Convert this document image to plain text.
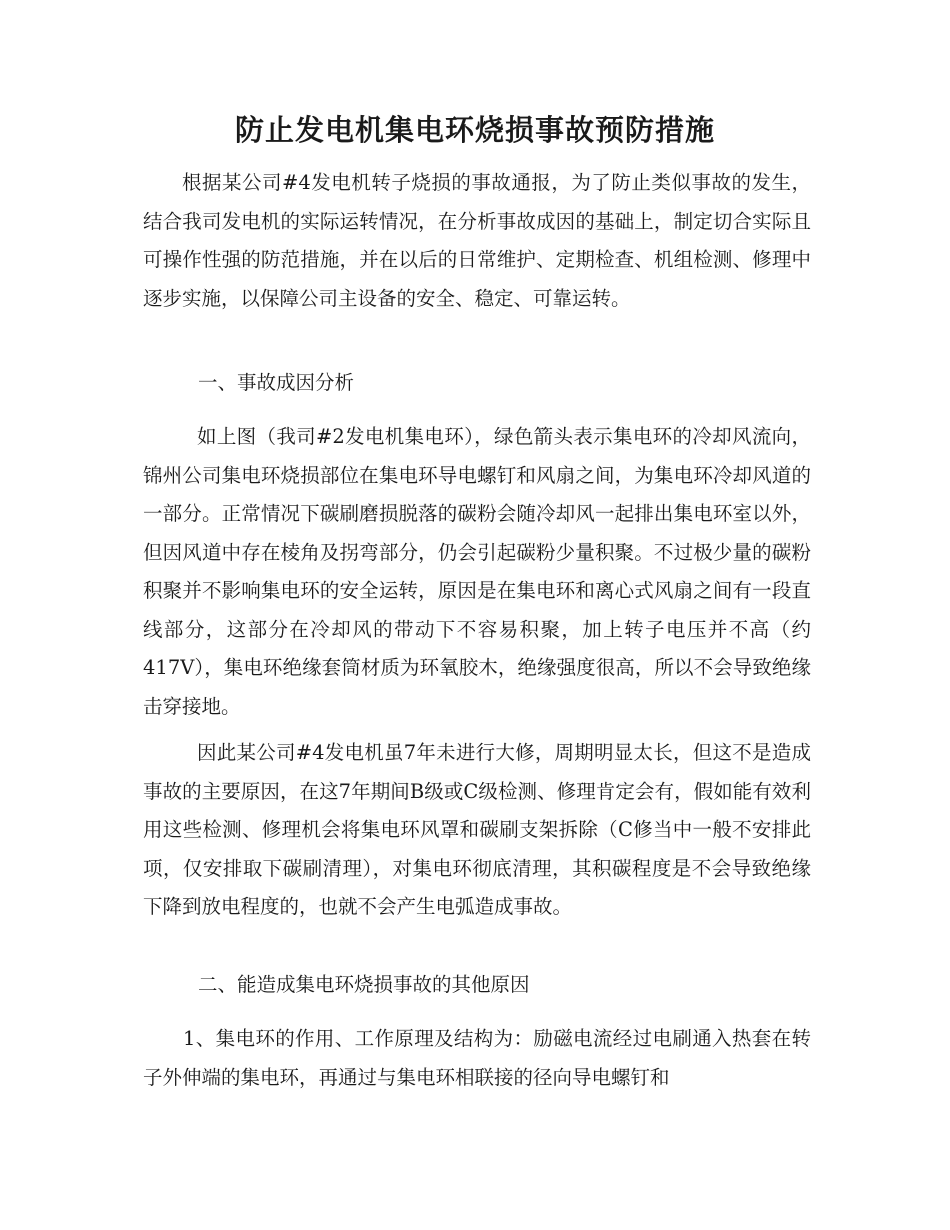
防止发电机集电环烧损事故预防措施

根据某公司#4发电机转子烧损的事故通报，为了防止类似事故的发生，结合我司发电机的实际运转情况，在分析事故成因的基础上，制定切合实际且可操作性强的防范措施，并在以后的日常维护、定期检查、机组检测、修理中逐步实施，以保障公司主设备的安全、稳定、可靠运转。

一、事故成因分析

如上图（我司#2发电机集电环），绿色箭头表示集电环的冷却风流向，锦州公司集电环烧损部位在集电环导电螺钉和风扇之间，为集电环冷却风道的一部分。正常情况下碳刷磨损脱落的碳粉会随冷却风一起排出集电环室以外，但因风道中存在棱角及拐弯部分，仍会引起碳粉少量积聚。不过极少量的碳粉积聚并不影响集电环的安全运转，原因是在集电环和离心式风扇之间有一段直线部分，这部分在冷却风的带动下不容易积聚，加上转子电压并不高（约417V），集电环绝缘套筒材质为环氧胶木，绝缘强度很高，所以不会导致绝缘击穿接地。

因此某公司#4发电机虽7年未进行大修，周期明显太长，但这不是造成事故的主要原因，在这7年期间B级或C级检测、修理肯定会有，假如能有效利用这些检测、修理机会将集电环风罩和碳刷支架拆除（C修当中一般不安排此项，仅安排取下碳刷清理），对集电环彻底清理，其积碳程度是不会导致绝缘下降到放电程度的，也就不会产生电弧造成事故。

二、能造成集电环烧损事故的其他原因

1、集电环的作用、工作原理及结构为：励磁电流经过电刷通入热套在转子外伸端的集电环，再通过与集电环相联接的径向导电螺钉和
